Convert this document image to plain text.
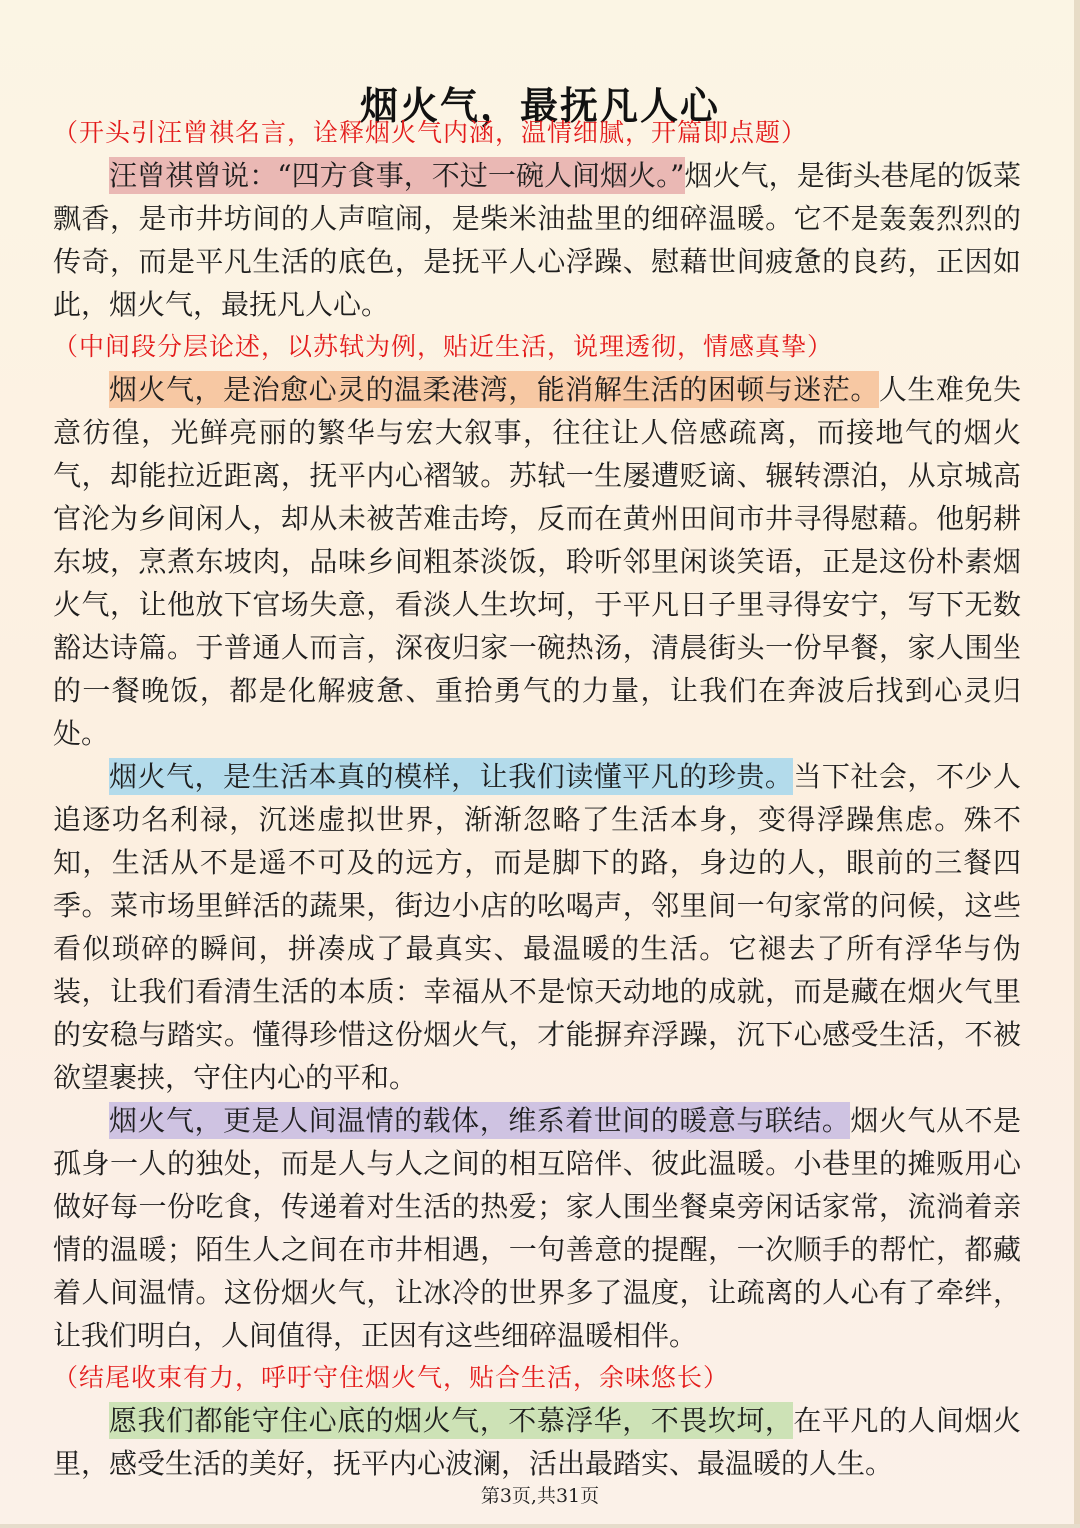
烟火气，最抚凡人心

（开头引汪曾祺名言，诠释烟火气内涵，温情细腻，开篇即点题）

汪曾祺曾说：“四方食事，不过一碗人间烟火。”烟火气，是街头巷尾的饭菜飘香，是市井坊间的人声喧闹，是柴米油盐里的细碎温暖。它不是轰轰烈烈的传奇，而是平凡生活的底色，是抚平人心浮躁、慰藉世间疲惫的良药，正因如此，烟火气，最抚凡人心。

（中间段分层论述，以苏轼为例，贴近生活，说理透彻，情感真挚）

烟火气，是治愈心灵的温柔港湾，能消解生活的困顿与迷茫。人生难免失意彷徨，光鲜亮丽的繁华与宏大叙事，往往让人倍感疏离，而接地气的烟火气，却能拉近距离，抚平内心褶皱。苏轼一生屡遭贬谪、辗转漂泊，从京城高官沦为乡间闲人，却从未被苦难击垮，反而在黄州田间市井寻得慰藉。他躬耕东坡，烹煮东坡肉，品味乡间粗茶淡饭，聆听邻里闲谈笑语，正是这份朴素烟火气，让他放下官场失意，看淡人生坎坷，于平凡日子里寻得安宁，写下无数豁达诗篇。于普通人而言，深夜归家一碗热汤，清晨街头一份早餐，家人围坐的一餐晚饭，都是化解疲惫、重拾勇气的力量，让我们在奔波后找到心灵归处。

烟火气，是生活本真的模样，让我们读懂平凡的珍贵。当下社会，不少人追逐功名利禄，沉迷虚拟世界，渐渐忽略了生活本身，变得浮躁焦虑。殊不知，生活从不是遥不可及的远方，而是脚下的路，身边的人，眼前的三餐四季。菜市场里鲜活的蔬果，街边小店的吆喝声，邻里间一句家常的问候，这些看似琐碎的瞬间，拼凑成了最真实、最温暖的生活。它褪去了所有浮华与伪装，让我们看清生活的本质：幸福从不是惊天动地的成就，而是藏在烟火气里的安稳与踏实。懂得珍惜这份烟火气，才能摒弃浮躁，沉下心感受生活，不被欲望裹挟，守住内心的平和。

烟火气，更是人间温情的载体，维系着世间的暖意与联结。烟火气从不是孤身一人的独处，而是人与人之间的相互陪伴、彼此温暖。小巷里的摊贩用心做好每一份吃食，传递着对生活的热爱；家人围坐餐桌旁闲话家常，流淌着亲情的温暖；陌生人之间在市井相遇，一句善意的提醒，一次顺手的帮忙，都藏着人间温情。这份烟火气，让冰冷的世界多了温度，让疏离的人心有了牵绊，让我们明白，人间值得，正因有这些细碎温暖相伴。

（结尾收束有力，呼吁守住烟火气，贴合生活，余味悠长）

愿我们都能守住心底的烟火气，不慕浮华，不畏坎坷，在平凡的人间烟火里，感受生活的美好，抚平内心波澜，活出最踏实、最温暖的人生。

第3页,共31页
